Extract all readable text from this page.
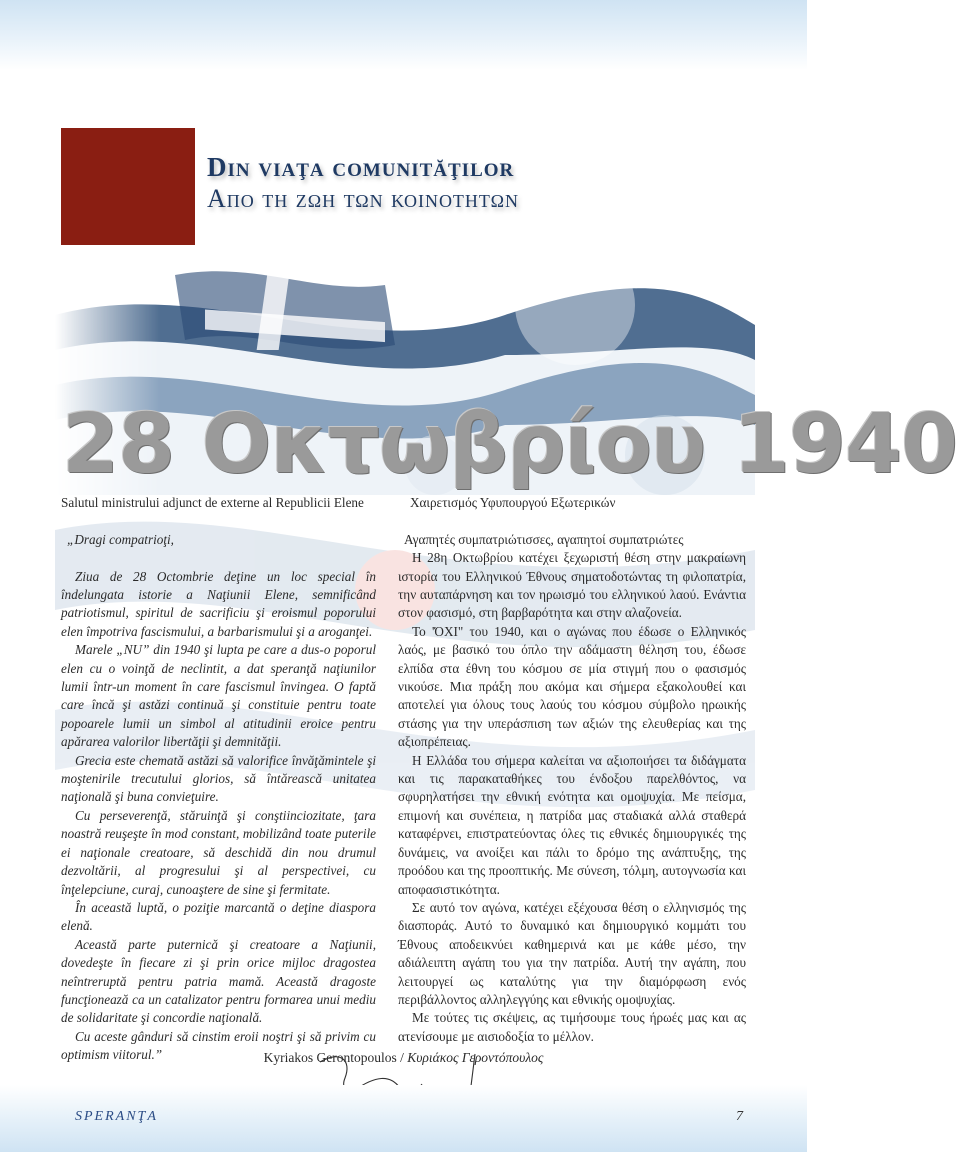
Din viaţa comunităţilor
Απο τη ζωη των κοινοτητων
28 Οκτωβρίου 1940

Salutul ministrului adjunct de externe al Republicii Elene

„Dragi compatrioţi,

Ziua de 28 Octombrie deţine un loc special în îndelungata istorie a Naţiunii Elene, semnificând patriotismul, spiritul de sacrificiu şi eroismul poporului elen împotriva fascismului, a barbarismului şi a aroganţei.

Marele „NU” din 1940 şi lupta pe care a dus-o poporul elen cu o voinţă de neclintit, a dat speranţă naţiunilor lumii într-un moment în care fascismul învingea. O faptă care încă şi astăzi continuă şi constituie pentru toate popoarele lumii un simbol al atitudinii eroice pentru apărarea valorilor libertăţii şi demnităţii.

Grecia este chemată astăzi să valorifice învăţămintele şi moştenirile trecutului glorios, să întărească unitatea naţională şi buna convieţuire.

Cu perseverenţă, stăruinţă şi conştiinciozitate, ţara noastră reuşeşte în mod constant, mobilizând toate puterile ei naţionale creatoare, să deschidă din nou drumul dezvoltării, al progresului şi al perspectivei, cu înţelepciune, curaj, cunoaştere de sine şi fermitate.

În această luptă, o poziţie marcantă o deţine diaspora elenă.

Această parte puternică şi creatoare a Naţiunii, dovedeşte în fiecare zi şi prin orice mijloc dragostea neîntreruptă pentru patria mamă. Această dragoste funcţionează ca un catalizator pentru formarea unui mediu de solidaritate şi concordie naţională.

Cu aceste gânduri să cinstim eroii noştri şi să privim cu optimism viitorul.”

Χαιρετισμός Υφυπουργού Εξωτερικών

Αγαπητές συμπατριώτισσες, αγαπητοί συμπατριώτες

Η 28η Οκτωβρίου κατέχει ξεχωριστή θέση στην μακραίωνη ιστορία του Ελληνικού Έθνους σηματοδοτώντας τη φιλοπατρία, την αυταπάρνηση και τον ηρωισμό του ελληνικού λαού. Ενάντια στον φασισμό, στη βαρβαρότητα και στην αλαζονεία.

Το 'ΌΧΙ" του 1940, και ο αγώνας που έδωσε ο Ελληνικός λαός, με βασικό του όπλο την αδάμαστη θέληση του, έδωσε ελπίδα στα έθνη του κόσμου σε μία στιγμή που ο φασισμός νικούσε. Μια πράξη που ακόμα και σήμερα εξακολουθεί και αποτελεί για όλους τους λαούς του κόσμου σύμβολο ηρωικής στάσης για την υπεράσπιση των αξιών της ελευθερίας και της αξιοπρέπειας.

Η Ελλάδα του σήμερα καλείται να αξιοποιήσει τα διδάγματα και τις παρακαταθήκες του ένδοξου παρελθόντος, να σφυρηλατήσει την εθνική ενότητα και ομοψυχία. Με πείσμα, επιμονή και συνέπεια, η πατρίδα μας σταδιακά αλλά σταθερά καταφέρνει, επιστρατεύοντας όλες τις εθνικές δημιουργικές της δυνάμεις, να ανοίξει και πάλι το δρόμο της ανάπτυξης, της προόδου και της προοπτικής. Με σύνεση, τόλμη, αυτογνωσία και αποφασιστικότητα.

Σε αυτό τον αγώνα, κατέχει εξέχουσα θέση ο ελληνισμός της διασποράς. Αυτό το δυναμικό και δημιουργικό κομμάτι του Έθνους αποδεικνύει καθημερινά και με κάθε μέσο, την αδιάλειπτη αγάπη του για την πατρίδα. Αυτή την αγάπη, που λειτουργεί ως καταλύτης για την διαμόρφωση ενός περιβάλλοντος αλληλεγγύης και εθνικής ομοψυχίας.

Με τούτες τις σκέψεις, ας τιμήσουμε τους ήρωές μας και ας ατενίσουμε με αισιοδοξία το μέλλον.

Kyriakos Gerontopoulos / Κυριάκος Γεροντόπουλος
SPERANŢA	7
